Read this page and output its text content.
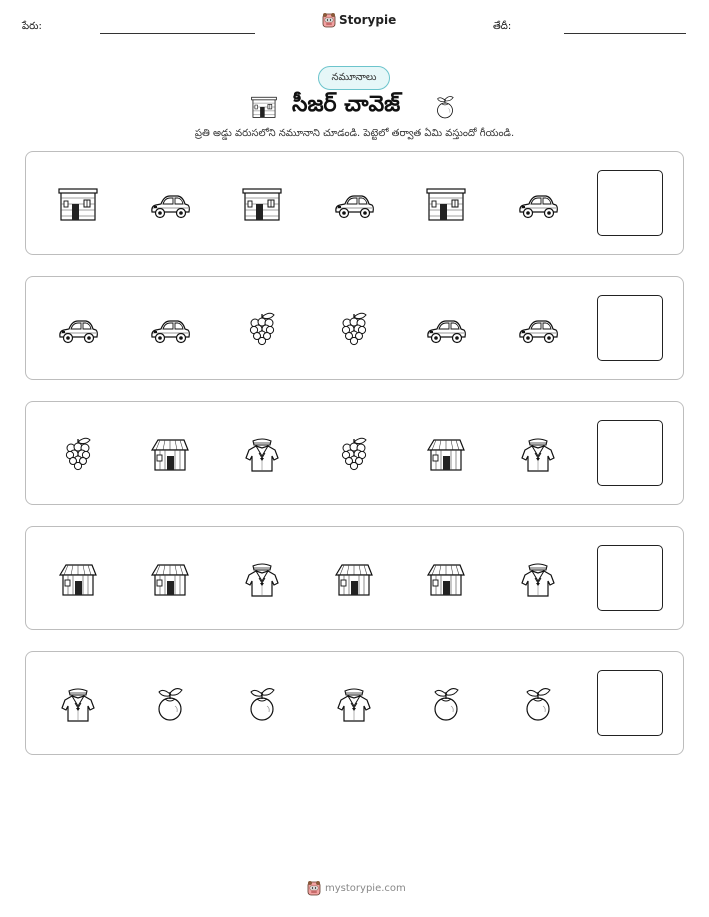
పేరు:	Storypie	తేదీ:
నమూనాలు
సీజర్ చావెజ్
ప్రతి అడ్డు వరుసలోని నమూనాని చూడండి. పెట్టెలో తర్వాత ఏమి వస్తుందో గీయండి.
mystorypie.com
